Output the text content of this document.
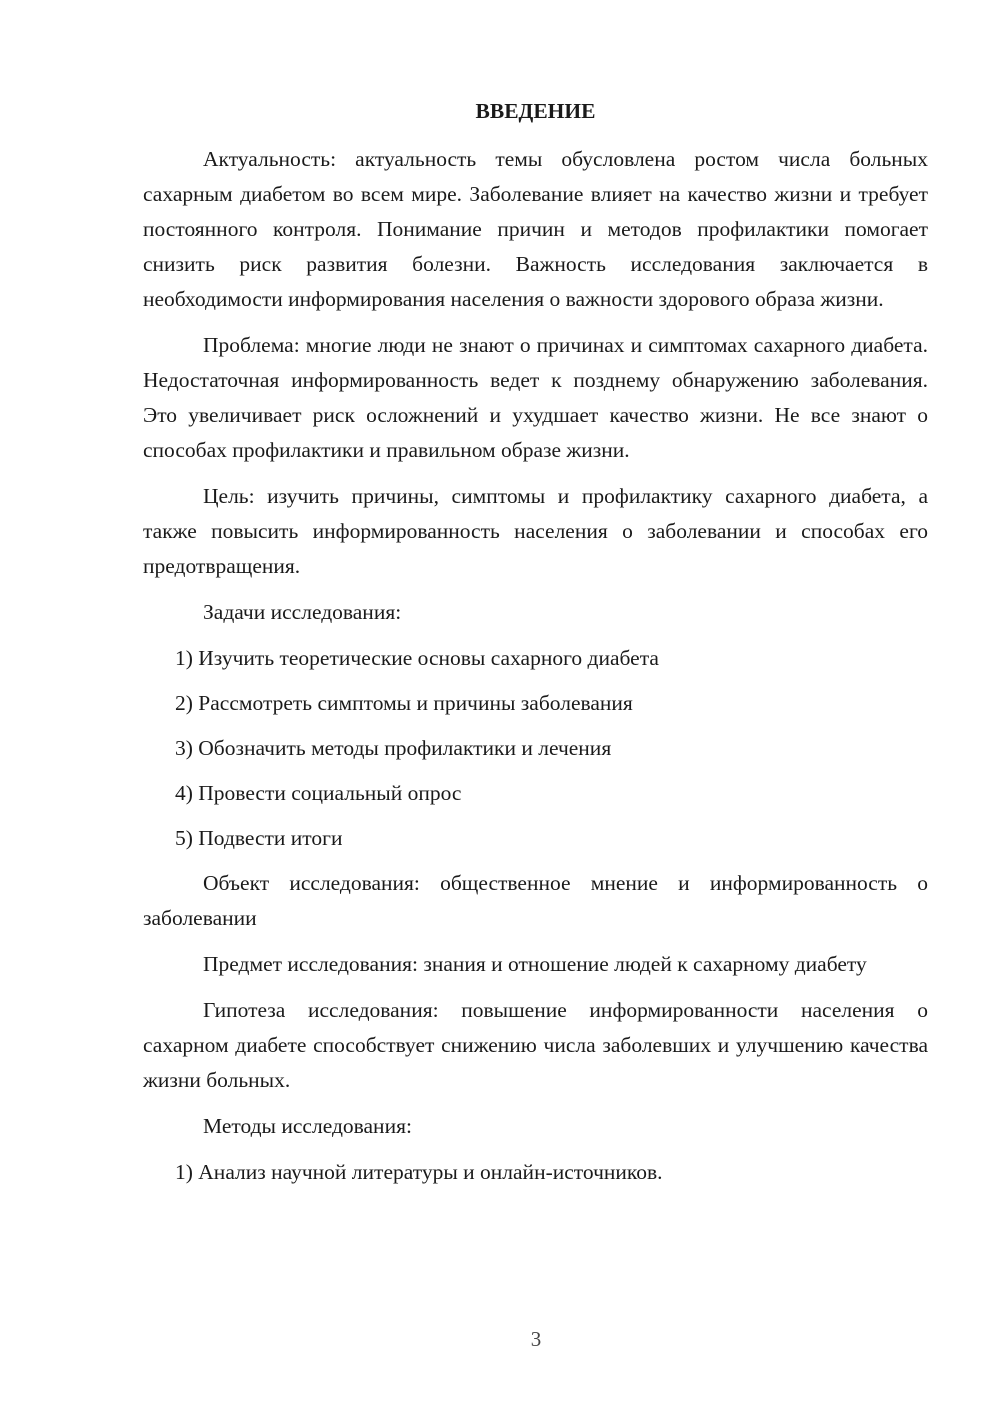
ВВЕДЕНИЕ

Актуальность: актуальность темы обусловлена ростом числа больных сахарным диабетом во всем мире. Заболевание влияет на качество жизни и требует постоянного контроля. Понимание причин и методов профилактики помогает снизить риск развития болезни. Важность исследования заключается в необходимости информирования населения о важности здорового образа жизни.

Проблема: многие люди не знают о причинах и симптомах сахарного диабета. Недостаточная информированность ведет к позднему обнаружению заболевания. Это увеличивает риск осложнений и ухудшает качество жизни. Не все знают о способах профилактики и правильном образе жизни.

Цель: изучить причины, симптомы и профилактику сахарного диабета, а также повысить информированность населения о заболевании и способах его предотвращения.

Задачи исследования:

1) Изучить теоретические основы сахарного диабета

2) Рассмотреть симптомы и причины заболевания

3) Обозначить методы профилактики и лечения

4) Провести социальный опрос

5) Подвести итоги

Объект исследования: общественное мнение и информированность о заболевании

Предмет исследования: знания и отношение людей к сахарному диабету

Гипотеза исследования: повышение информированности населения о сахарном диабете способствует снижению числа заболевших и улучшению качества жизни больных.

Методы исследования:

1) Анализ научной литературы и онлайн-источников.

3
